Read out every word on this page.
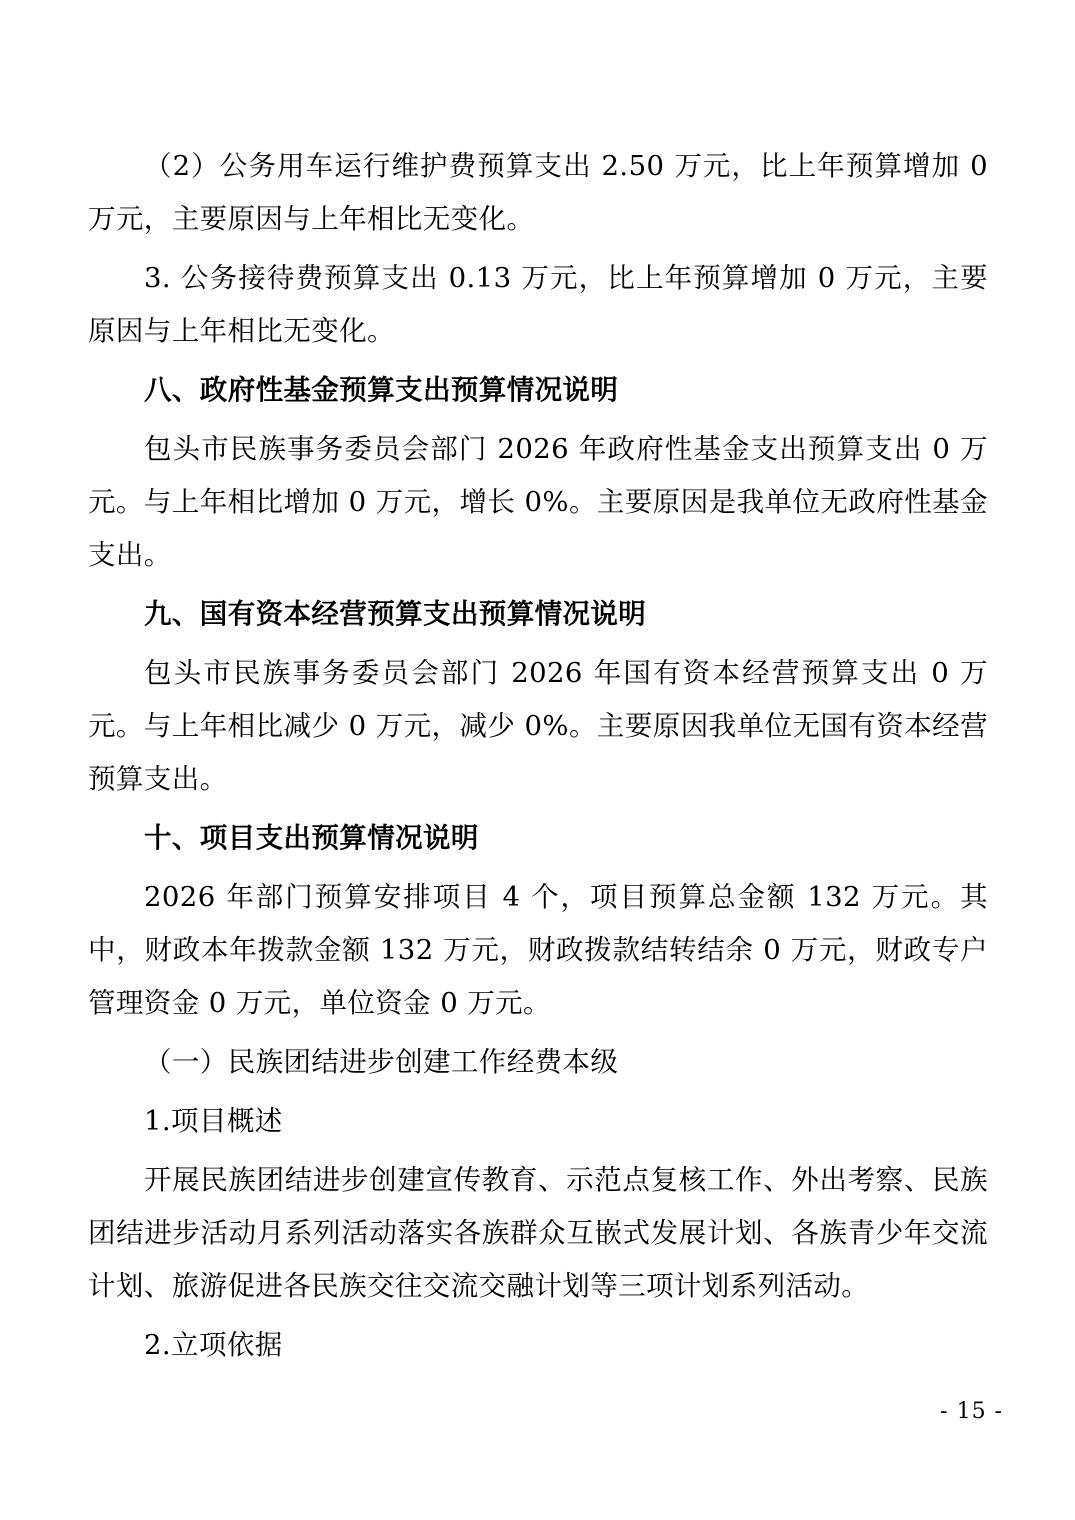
（2）公务用车运行维护费预算支出 2.50 万元，比上年预算增加 0 万元，主要原因与上年相比无变化。

3. 公务接待费预算支出 0.13 万元，比上年预算增加 0 万元，主要原因与上年相比无变化。

八、政府性基金预算支出预算情况说明

包头市民族事务委员会部门 2026 年政府性基金支出预算支出 0 万元。与上年相比增加 0 万元，增长 0%。主要原因是我单位无政府性基金支出。

九、国有资本经营预算支出预算情况说明

包头市民族事务委员会部门 2026 年国有资本经营预算支出 0 万元。与上年相比减少 0 万元，减少 0%。主要原因我单位无国有资本经营预算支出。

十、项目支出预算情况说明

2026 年部门预算安排项目 4 个，项目预算总金额 132 万元。其中，财政本年拨款金额 132 万元，财政拨款结转结余 0 万元，财政专户管理资金 0 万元，单位资金 0 万元。

（一）民族团结进步创建工作经费本级

1.项目概述

开展民族团结进步创建宣传教育、示范点复核工作、外出考察、民族团结进步活动月系列活动落实各族群众互嵌式发展计划、各族青少年交流计划、旅游促进各民族交往交流交融计划等三项计划系列活动。

2.立项依据

- 15 -
